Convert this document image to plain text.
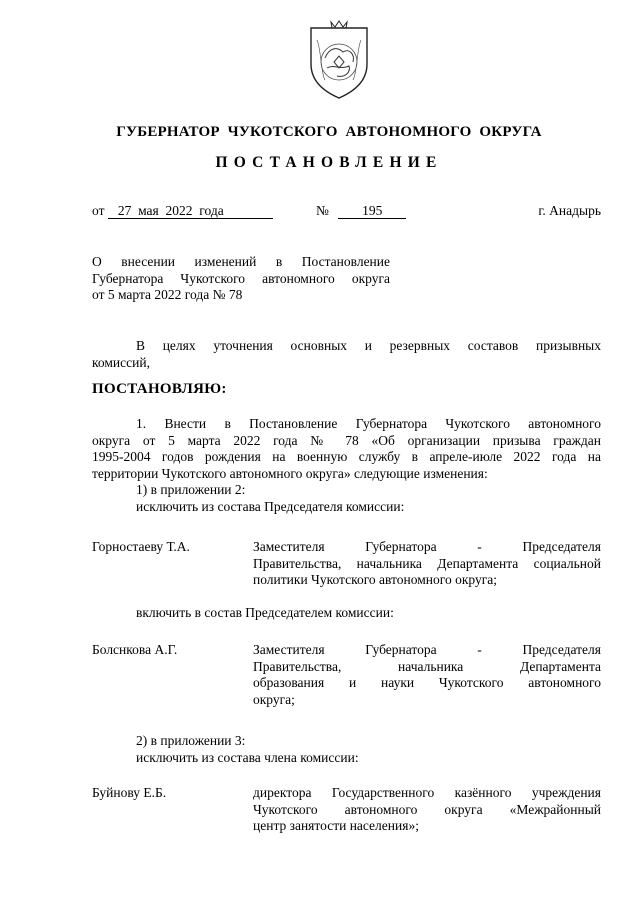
ГУБЕРНАТОР  ЧУКОТСКОГО  АВТОНОМНОГО  ОКРУГА
ПОСТАНОВЛЕНИЕ
от 27  мая  2022  года	№ 195	г. Анадырь
О внесении изменений в Постановление
Губернатора Чукотского автономного округа
от 5 марта 2022 года № 78
В целях уточнения основных и резервных составов призывных
комиссий,
ПОСТАНОВЛЯЮ:
1. Внести в Постановление Губернатора Чукотского автономного
округа от 5 марта 2022 года № 78 «Об организации призыва граждан
1995-2004 годов рождения на военную службу в апреле-июле 2022 года на
территории Чукотского автономного округа» следующие изменения:
1) в приложении 2:
исключить из состава Председателя комиссии:
Горностаеву Т.А.	Заместителя Губернатора - Председателя
Правительства, начальника Департамента социальной
политики Чукотского автономного округа;
включить в состав Председателем комиссии:
Болснкова А.Г.	Заместителя Губернатора - Председателя
Правительства, начальника Департамента
образования и науки Чукотского автономного
округа;
2) в приложении 3:
исключить из состава члена комиссии:
Буйнову Е.Б.	директора Государственного казённого учреждения
Чукотского автономного округа «Межрайонный
центр занятости населения»;
